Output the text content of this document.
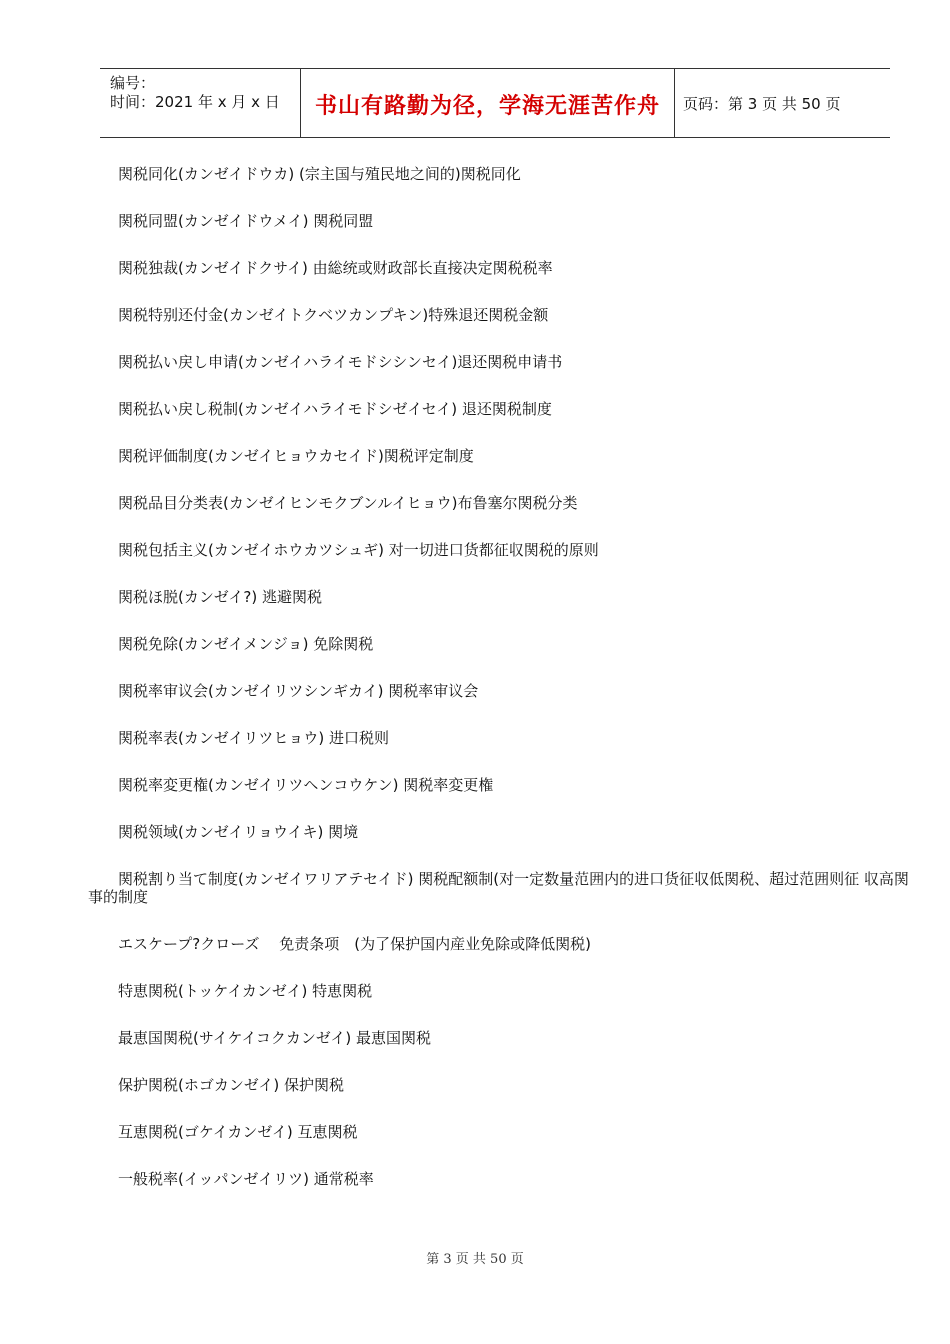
编号：
时间：2021 年 x 月 x 日	书山有路勤为径，学海无涯苦作舟	页码：第 3 页 共 50 页

関税同化(カンゼイドウカ) (宗主国与殖民地之间的)関税同化

関税同盟(カンゼイドウメイ) 関税同盟

関税独裁(カンゼイドクサイ) 由総统或财政部长直接决定関税税率

関税特别还付金(カンゼイトクベツカンプキン)特殊退还関税金额

関税払い戻し申请(カンゼイハライモドシシンセイ)退还関税申请书

関税払い戻し税制(カンゼイハライモドシゼイセイ) 退还関税制度

関税评価制度(カンゼイヒョウカセイド)関税评定制度

関税品目分类表(カンゼイヒンモクブンルイヒョウ)布鲁塞尔関税分类

関税包括主义(カンゼイホウカツシュギ) 对一切进口货都征収関税的原则

関税ほ脱(カンゼイ?) 逃避関税

関税免除(カンゼイメンジョ) 免除関税

関税率审议会(カンゼイリツシンギカイ) 関税率审议会

関税率表(カンゼイリツヒョウ) 进口税则

関税率変更権(カンゼイリツヘンコウケン) 関税率変更権

関税领域(カンゼイリョウイキ) 関境

関税割り当て制度(カンゼイワリアテセイド) 関税配额制(对一定数量范囲内的进口货征収低関税、超过范囲则征 収高関事的制度

エスケープ?クローズ　 免责条项　(为了保护国内産业免除或降低関税)

特恵関税(トッケイカンゼイ) 特恵関税

最恵国関税(サイケイコクカンゼイ) 最恵国関税

保护関税(ホゴカンゼイ) 保护関税

互恵関税(ゴケイカンゼイ) 互恵関税

一般税率(イッパンゼイリツ) 通常税率

第 3 页 共 50 页
